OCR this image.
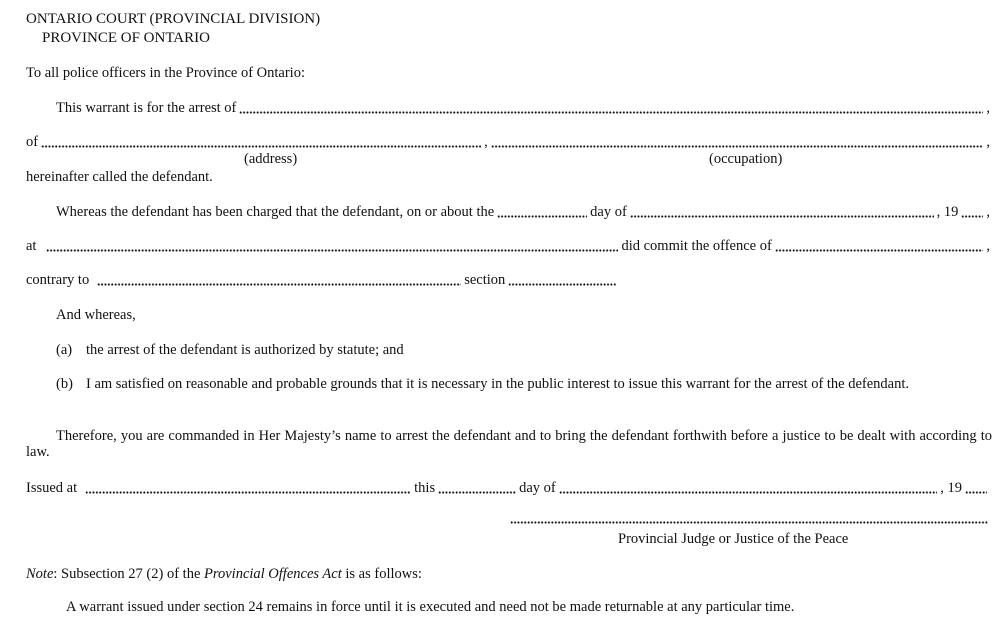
ONTARIO COURT (PROVINCIAL DIVISION)
PROVINCE OF ONTARIO
To all police officers in the Province of Ontario:
This warrant is for the arrest of	,
of	,	,
(address)	(occupation)
hereinafter called the defendant.
Whereas the defendant has been charged that the defendant, on or about the	day of	, 19 ,
at	did commit the offence of	,
contrary to	section
And whereas,
(a) the arrest of the defendant is authorized by statute; and
(b) I am satisfied on reasonable and probable grounds that it is necessary in the public interest to issue this warrant for the arrest of the defendant.
Therefore, you are commanded in Her Majesty’s name to arrest the defendant and to bring the defendant forthwith before a justice to be dealt with according to law.
Issued at	this	day of	, 19
Provincial Judge or Justice of the Peace
Note: Subsection 27 (2) of the Provincial Offences Act is as follows:
A warrant issued under section 24 remains in force until it is executed and need not be made returnable at any particular time.
